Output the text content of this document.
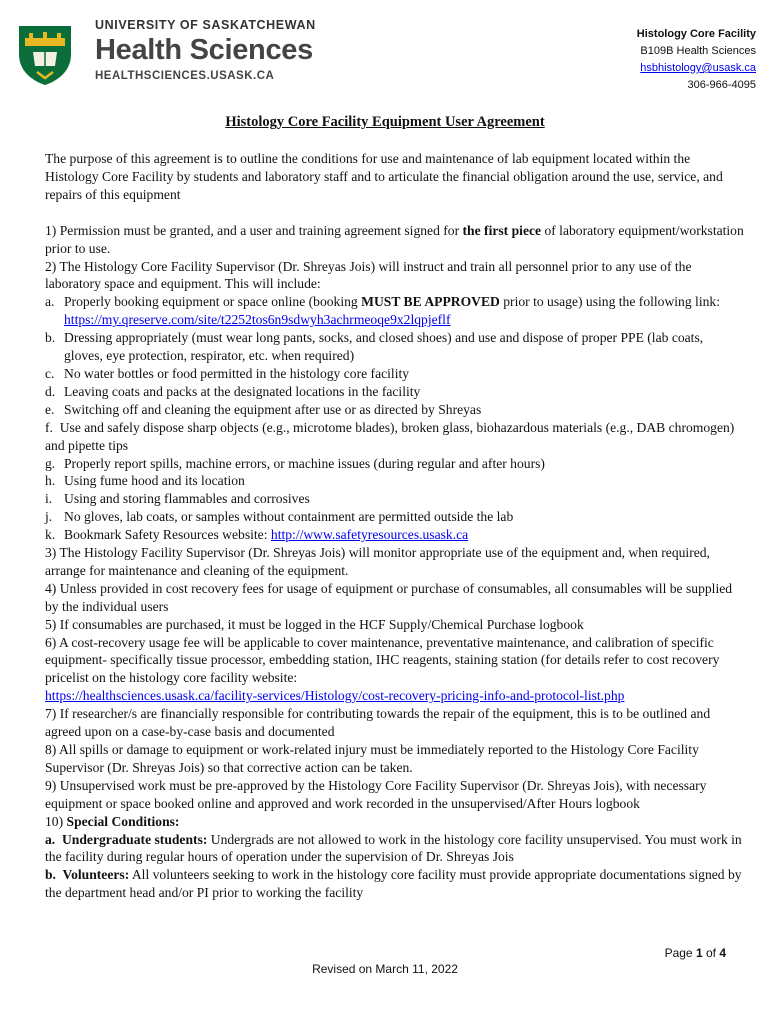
UNIVERSITY OF SASKATCHEWAN
Health Sciences
HEALTHSCIENCES.USASK.CA
Histology Core Facility
B109B Health Sciences
hsbhistology@usask.ca
306-966-4095
Histology Core Facility Equipment User Agreement

The purpose of this agreement is to outline the conditions for use and maintenance of lab equipment located within the Histology Core Facility by students and laboratory staff and to articulate the financial obligation around the use, service, and repairs of this equipment

1) Permission must be granted, and a user and training agreement signed for the first piece of laboratory equipment/workstation prior to use.

2) The Histology Core Facility Supervisor (Dr. Shreyas Jois) will instruct and train all personnel prior to any use of the laboratory space and equipment. This will include:

a. Properly booking equipment or space online (booking MUST BE APPROVED prior to usage) using the following link: https://my.qreserve.com/site/t2252tos6n9sdwyh3achrmeoqe9x2lqpjeflf

b. Dressing appropriately (must wear long pants, socks, and closed shoes) and use and dispose of proper PPE (lab coats, gloves, eye protection, respirator, etc. when required)

c. No water bottles or food permitted in the histology core facility

d. Leaving coats and packs at the designated locations in the facility

e. Switching off and cleaning the equipment after use or as directed by Shreyas

f.  Use and safely dispose sharp objects (e.g., microtome blades), broken glass, biohazardous materials (e.g., DAB chromogen) and pipette tips

g. Properly report spills, machine errors, or machine issues (during regular and after hours)

h. Using fume hood and its location

i. Using and storing flammables and corrosives

j. No gloves, lab coats, or samples without containment are permitted outside the lab

k. Bookmark Safety Resources website: http://www.safetyresources.usask.ca

3) The Histology Facility Supervisor (Dr. Shreyas Jois) will monitor appropriate use of the equipment and, when required, arrange for maintenance and cleaning of the equipment.

4) Unless provided in cost recovery fees for usage of equipment or purchase of consumables, all consumables will be supplied by the individual users

5) If consumables are purchased, it must be logged in the HCF Supply/Chemical Purchase logbook

6) A cost-recovery usage fee will be applicable to cover maintenance, preventative maintenance, and calibration of specific equipment- specifically tissue processor, embedding station, IHC reagents, staining station (for details refer to cost recovery pricelist on the histology core facility website:
https://healthsciences.usask.ca/facility-services/Histology/cost-recovery-pricing-info-and-protocol-list.php

7) If researcher/s are financially responsible for contributing towards the repair of the equipment, this is to be outlined and agreed upon on a case-by-case basis and documented

8) All spills or damage to equipment or work-related injury must be immediately reported to the Histology Core Facility Supervisor (Dr. Shreyas Jois) so that corrective action can be taken.

9) Unsupervised work must be pre-approved by the Histology Core Facility Supervisor (Dr. Shreyas Jois), with necessary equipment or space booked online and approved and work recorded in the unsupervised/After Hours logbook

10) Special Conditions:

a.  Undergraduate students: Undergrads are not allowed to work in the histology core facility unsupervised. You must work in the facility during regular hours of operation under the supervision of Dr. Shreyas Jois

b.  Volunteers: All volunteers seeking to work in the histology core facility must provide appropriate documentations signed by the department head and/or PI prior to working the facility

Page 1 of 4
Revised on March 11, 2022
